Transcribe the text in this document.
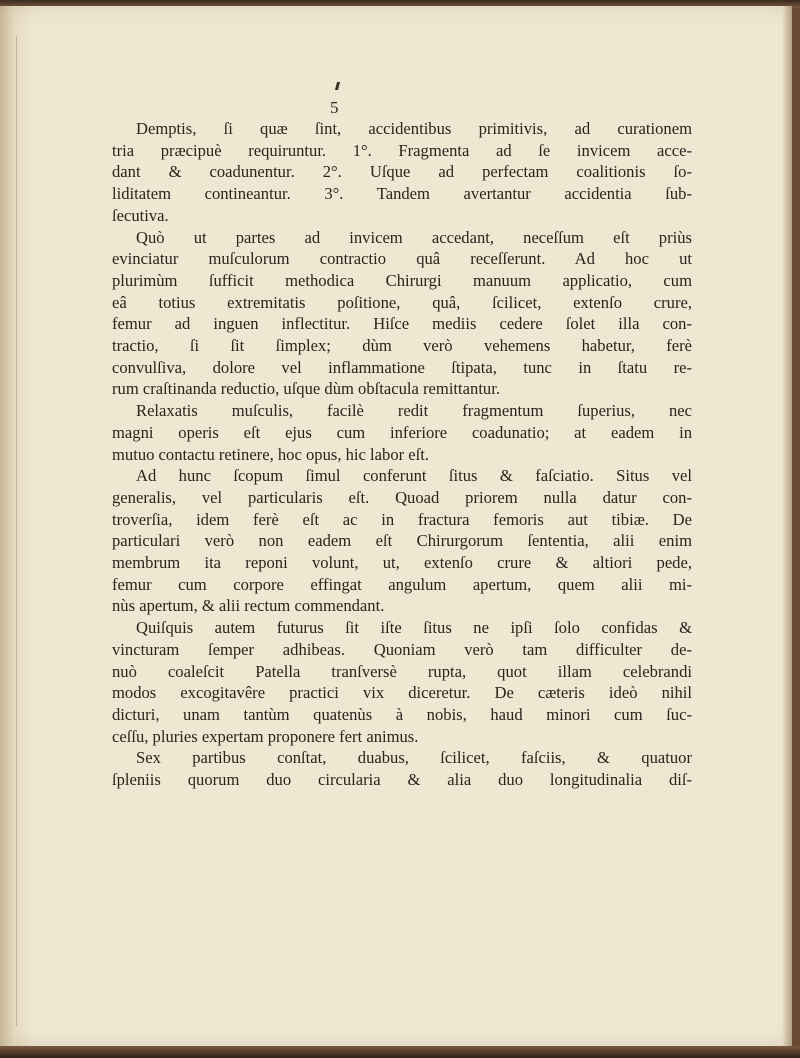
5
Demptis, ſi quæ ſint, accidentibus primitivis, ad curationem
tria præcipuè requiruntur. 1°. Fragmenta ad ſe invicem acce-
dant & coadunentur. 2°. Uſque ad perfectam coalitionis ſo-
liditatem contineantur. 3°. Tandem avertantur accidentia ſub-
ſecutiva.
Quò ut partes ad invicem accedant, neceſſum eſt priùs
evinciatur muſculorum contractio quâ receſſerunt. Ad hoc ut
plurimùm ſufficit methodica Chirurgi manuum applicatio, cum
eâ totius extremitatis poſitione, quâ, ſcilicet, extenſo crure,
femur ad inguen inflectitur. Hiſce mediis cedere ſolet illa con-
tractio, ſi ſit ſimplex; dùm verò vehemens habetur, ferè
convulſiva, dolore vel inflammatione ſtipata, tunc in ſtatu re-
rum craſtinanda reductio, uſque dùm obſtacula remittantur.
Relaxatis muſculis, facilè redit fragmentum ſuperius, nec
magni operis eſt ejus cum inferiore coadunatio; at eadem in
mutuo contactu retinere, hoc opus, hic labor eſt.
Ad hunc ſcopum ſimul conferunt ſitus & faſciatio. Situs vel
generalis, vel particularis eſt. Quoad priorem nulla datur con-
troverſia, idem ferè eſt ac in fractura femoris aut tibiæ. De
particulari verò non eadem eſt Chirurgorum ſententia, alii enim
membrum ita reponi volunt, ut, extenſo crure & altiori pede,
femur cum corpore effingat angulum apertum, quem alii mi-
nùs apertum, & alii rectum commendant.
Quiſquis autem futurus ſit iſte ſitus ne ipſi ſolo confidas &
vincturam ſemper adhibeas. Quoniam verò tam difficulter de-
nuò coaleſcit Patella tranſversè rupta, quot illam celebrandi
modos excogitavêre practici vix diceretur. De cæteris ideò nihil
dicturi, unam tantùm quatenùs à nobis, haud minori cum ſuc-
ceſſu, pluries expertam proponere fert animus.
Sex partibus conſtat, duabus, ſcilicet, faſciis, & quatuor
ſpleniis quorum duo circularia & alia duo longitudinalia diſ-
